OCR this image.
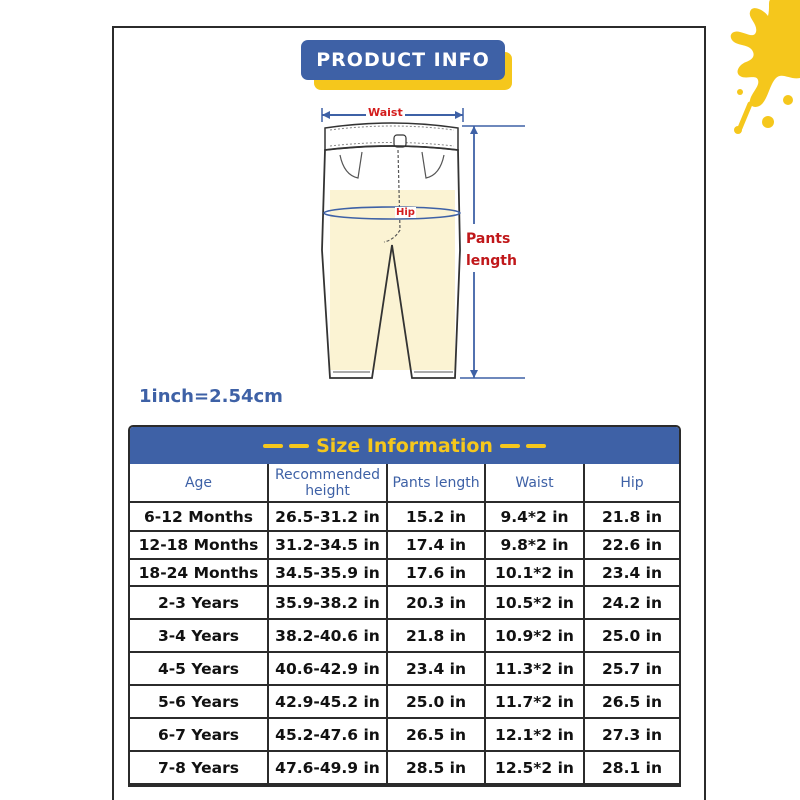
PRODUCT INFO
Waist
Hip
Pants
length
1inch=2.54cm
Size Information
Age	Recommended height	Pants length	Waist	Hip
6-12 Months 26.5-31.2 in 15.2 in 9.4*2 in 21.8 in
12-18 Months 31.2-34.5 in 17.4 in 9.8*2 in 22.6 in
18-24 Months 34.5-35.9 in 17.6 in 10.1*2 in 23.4 in
2-3 Years 35.9-38.2 in 20.3 in 10.5*2 in 24.2 in
3-4 Years 38.2-40.6 in 21.8 in 10.9*2 in 25.0 in
4-5 Years 40.6-42.9 in 23.4 in 11.3*2 in 25.7 in
5-6 Years 42.9-45.2 in 25.0 in 11.7*2 in 26.5 in
6-7 Years 45.2-47.6 in 26.5 in 12.1*2 in 27.3 in
7-8 Years 47.6-49.9 in 28.5 in 12.5*2 in 28.1 in
